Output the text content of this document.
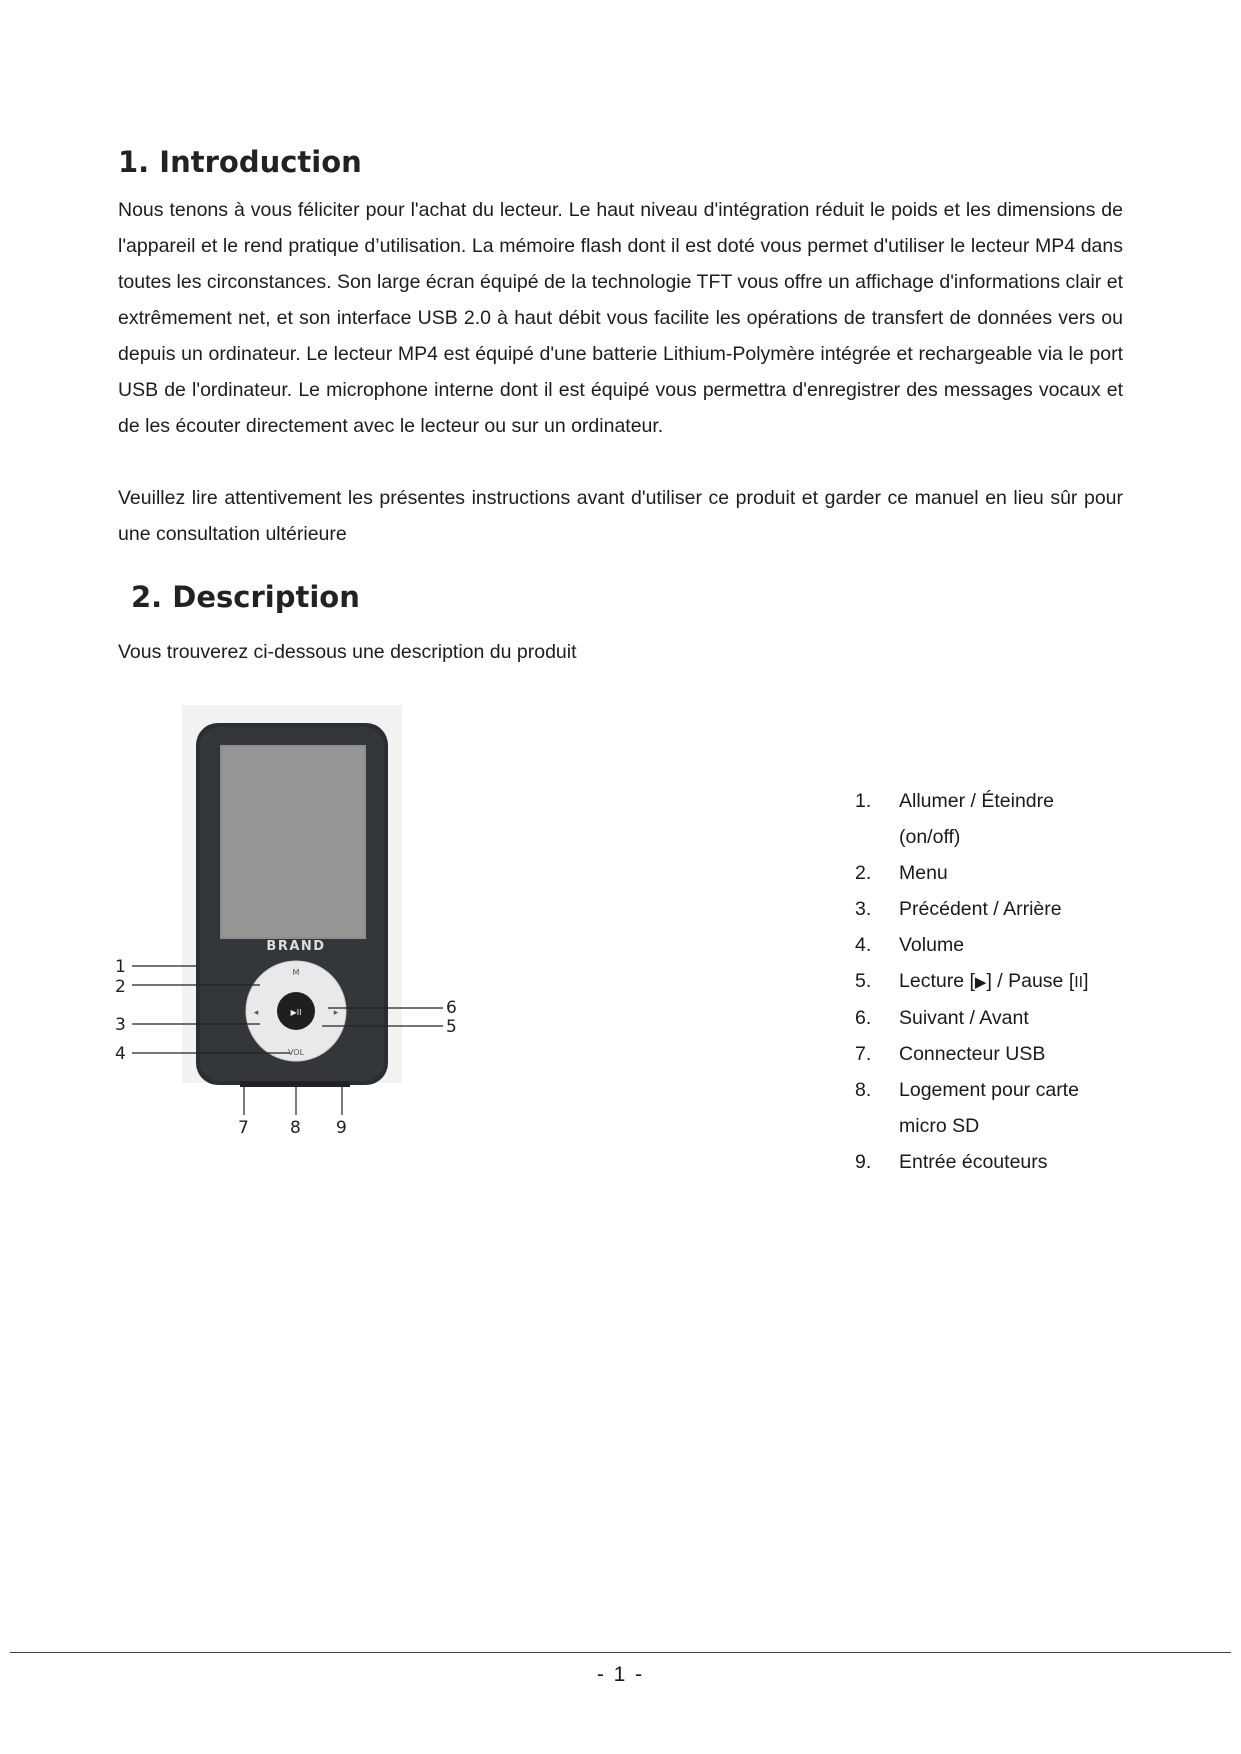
1. Introduction

Nous tenons à vous féliciter pour l'achat du lecteur. Le haut niveau d'intégration réduit le poids et les dimensions de l'appareil et le rend pratique d’utilisation. La mémoire flash dont il est doté vous permet d'utiliser le lecteur MP4 dans toutes les circonstances. Son large écran équipé de la technologie TFT vous offre un affichage d'informations clair et extrêmement net, et son interface USB 2.0 à haut débit vous facilite les opérations de transfert de données vers ou depuis un ordinateur. Le lecteur MP4 est équipé d'une batterie Lithium-Polymère intégrée et rechargeable via le port USB de l'ordinateur. Le microphone interne dont il est équipé vous permettra d'enregistrer des messages vocaux et de les écouter directement avec le lecteur ou sur un ordinateur.

Veuillez lire attentivement les présentes instructions avant d'utiliser ce produit et garder ce manuel en lieu sûr pour une consultation ultérieure

2. Description

Vous trouverez ci-dessous une description du produit

BRAND
▶II
M
VOL
◂	▸
1
2
3
4
5
6
7 8 9
1.	Allumer / Éteindre (on/off)
2.	Menu
3.	Précédent / Arrière
4.	Volume
5.	Lecture [▶] / Pause [II]
6.	Suivant / Avant
7.	Connecteur USB
8.	Logement pour carte micro SD
9.	Entrée écouteurs
- 1 -
